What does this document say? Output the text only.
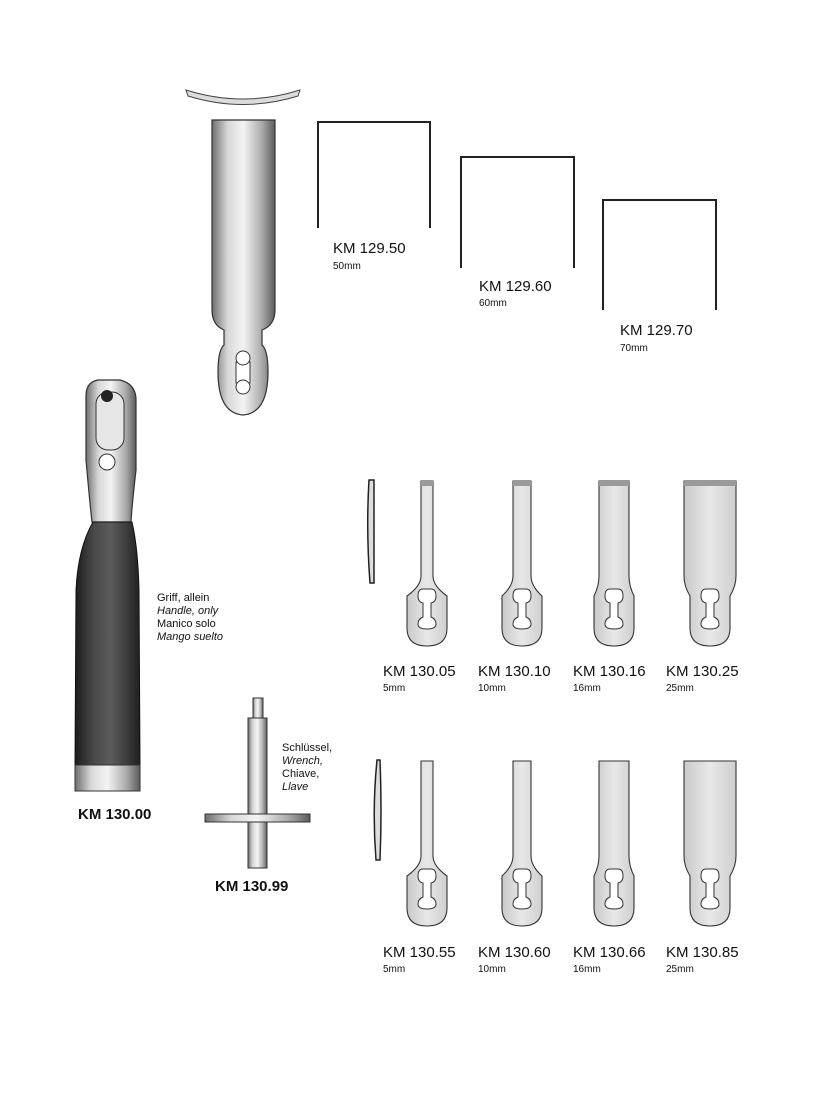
KM 129.50
50mm
KM 129.60
60mm
KM 129.70
70mm
Griff, allein
Handle, only
Manico solo
Mango suelto
KM 130.00
Schlüssel,
Wrench,
Chiave,
Llave
KM 130.99
KM 130.05
5mm
KM 130.10
10mm
KM 130.16
16mm
KM 130.25
25mm
KM 130.55
5mm
KM 130.60
10mm
KM 130.66
16mm
KM 130.85
25mm
